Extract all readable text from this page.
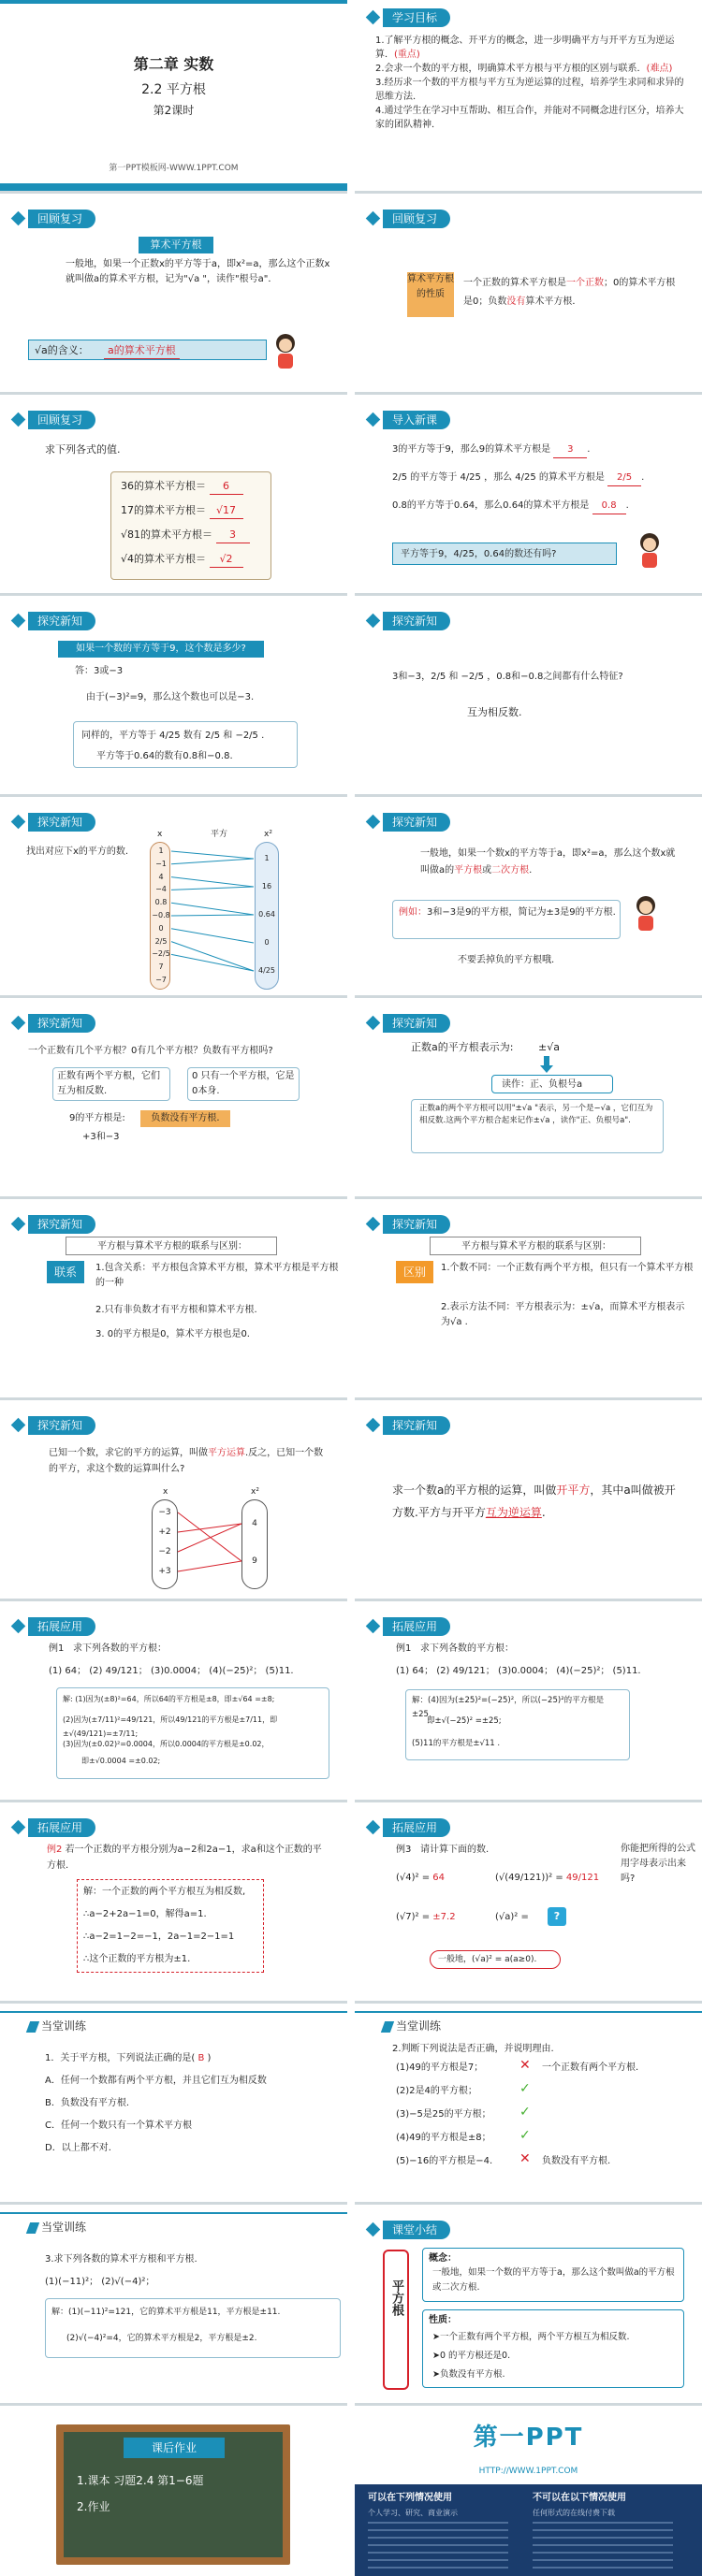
第二章 实数
2.2 平方根
第2课时
第一PPT模板网-WWW.1PPT.COM
学习目标
1.了解平方根的概念、开平方的概念，进一步明确平方与开平方互为逆运算．(重点)
2.会求一个数的平方根，明确算术平方根与平方根的区别与联系．(难点)
3.经历求一个数的平方根与平方互为逆运算的过程，培养学生求同和求异的思维方法．
4.通过学生在学习中互帮助、相互合作，并能对不同概念进行区分，培养大家的团队精神．
回顾复习
算术平方根
一般地，如果一个正数x的平方等于a，即x²=a，那么这个正数x就叫做a的算术平方根，记为"√a "，读作"根号a"．
√a的含义：	a的算术平方根
回顾复习
算术平方根的性质
一个正数的算术平方根是一个正数；0的算术平方根是0；负数没有算术平方根．
回顾复习
求下列各式的值.
36的算术平方根＝ 6
17的算术平方根＝ √17
√81的算术平方根＝ 3
√4的算术平方根＝ √2
导入新课
3的平方等于9，那么9的算术平方根是 3 .
2/5 的平方等于 4/25 ，那么 4/25 的算术平方根是 2/5 .
0.8的平方等于0.64，那么0.64的算术平方根是 0.8 .
平方等于9，4/25，0.64的数还有吗?
探究新知
如果一个数的平方等于9，这个数是多少?
答：3或−3
由于(−3)²=9，那么这个数也可以是−3.
同样的，平方等于 4/25 数有 2/5 和 −2/5 .
平方等于0.64的数有0.8和−0.8.
探究新知
3和−3，2/5 和 −2/5 ，0.8和−0.8之间都有什么特征?
互为相反数.
探究新知
找出对应下x的平方的数.
x	平方	x²
1
−1
4
−4
0.8
−0.8
0
2/5
−2/5
7
−7
1
16
0.64
0
4/25
探究新知
一般地，如果一个数x的平方等于a，即x²=a，那么这个数x就叫做a的平方根或二次方根.
例如：3和−3是9的平方根，简记为±3是9的平方根.
不要丢掉负的平方根哦.
探究新知
一个正数有几个平方根？0有几个平方根？负数有平方根吗?
正数有两个平方根，它们互为相反数.
0 只有一个平方根，它是0本身.
9的平方根是:
+3和−3
负数没有平方根.
探究新知
正数a的平方根表示为: ±√a
读作：正、负根号a
正数a的两个平方根可以用"±√a "表示，另一个是−√a ，它们互为相反数.这两个平方根合起来记作±√a ，读作"正、负根号a".
探究新知
平方根与算术平方根的联系与区别：
联系	1.包含关系：平方根包含算术平方根，算术平方根是平方根的一种
2.只有非负数才有平方根和算术平方根.
3. 0的平方根是0，算术平方根也是0.
探究新知
平方根与算术平方根的联系与区别：
区别	1.个数不同：一个正数有两个平方根，但只有一个算术平方根
2.表示方法不同：平方根表示为：±√a，而算术平方根表示为√a .
探究新知
已知一个数，求它的平方的运算，叫做平方运算.反之，已知一个数的平方，求这个数的运算叫什么?
x	x²
−3
+2
−2
+3
4
9
探究新知
求一个数a的平方根的运算，叫做开平方，其中a叫做被开方数.平方与开平方互为逆运算.
拓展应用
例1 求下列各数的平方根：
(1) 64； (2) 49/121； (3)0.0004； (4)(−25)²； (5)11.
解: (1)因为(±8)²=64，所以64的平方根是±8，即±√64 =±8;
(2)因为(±7/11)²=49/121，所以49/121的平方根是±7/11，即±√(49/121)=±7/11;
(3)因为(±0.02)²=0.0004，所以0.0004的平方根是±0.02，
即±√0.0004 =±0.02;
拓展应用
例1 求下列各数的平方根：
(1) 64； (2) 49/121； (3)0.0004； (4)(−25)²； (5)11.
解：(4)因为(±25)²=(−25)²，所以(−25)²的平方根是±25，
即±√(−25)² =±25;
(5)11的平方根是±√11 .
拓展应用
例2 若一个正数的平方根分别为a−2和2a−1，求a和这个正数的平方根.
解：一个正数的两个平方根互为相反数,
∴a−2+2a−1=0，解得a=1.
∴a−2=1−2=−1，2a−1=2−1=1
∴这个正数的平方根为±1.
拓展应用
例3 请计算下面的数.
(√4)² = 64	(√(49/121))² = 49/121
(√7)² = ±7.2	(√a)² =	?
你能把所得的公式用字母表示出来吗?
一般地，(√a)² = a(a≥0).
当堂训练
1．关于平方根，下列说法正确的是( B )
A．任何一个数都有两个平方根，并且它们互为相反数
B．负数没有平方根.
C．任何一个数只有一个算术平方根
D．以上都不对.
当堂训练
2.判断下列说法是否正确，并说明理由.
(1)49的平方根是7；	✕ 一个正数有两个平方根.
(2)2是4的平方根；	✓
(3)−5是25的平方根； ✓
(4)49的平方根是±8； ✓
(5)−16的平方根是−4. ✕ 负数没有平方根.
当堂训练
3.求下列各数的算术平方根和平方根.
(1)(−11)²； (2)√(−4)²；
解：(1)(−11)²=121，它的算术平方根是11，平方根是±11.
(2)√(−4)²=4，它的算术平方根是2，平方根是±2.
课堂小结
平方根
概念：
一般地，如果一个数的平方等于a，那么这个数叫做a的平方根或二次方根.
性质：
➤一个正数有两个平方根，两个平方根互为相反数.
➤0 的平方根还是0.
➤负数没有平方根.
课后作业
1.课本 习题2.4 第1−6题
2.作业
第一PPT
HTTP://WWW.1PPT.COM
可以在下列情况使用
个人学习、研究、商业演示
不可以在以下情况使用
任何形式的在线付费下载
